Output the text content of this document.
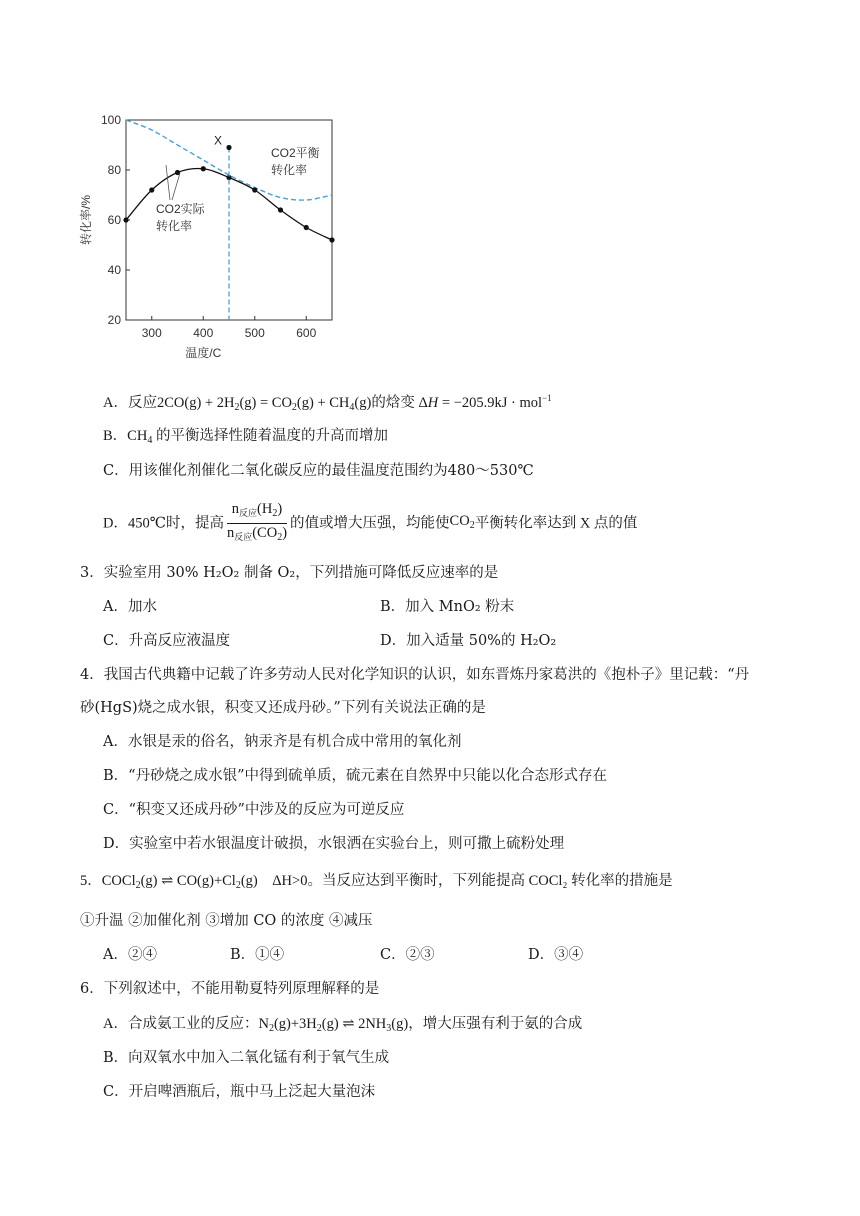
20
40
60
80
100
300	400	500	600
温度/C
转化率/%
X
CO2实际
转化率
CO2平衡
转化率
A．反应$2CO(g) + 2H_2(g) = CO_2(g) + CH_4(g)$的焓变 ΔH = −205.9kJ · mol$^{-1}$
B．$CH_4$ 的平衡选择性随着温度的升高而增加
C．用该催化剂催化二氧化碳反应的最佳温度范围约为480～530℃
D．450℃时，提高 $\frac{n_{反应}(H_2)}{n_{反应}(CO_2)}$ 的值或增大压强，均能使$CO_2$平衡转化率达到 X 点的值
3．实验室用 30% H₂O₂ 制备 O₂，下列措施可降低反应速率的是
A．加水	B．加入 MnO₂ 粉末
C．升高反应液温度	D．加入适量 50%的 H₂O₂
4．我国古代典籍中记载了许多劳动人民对化学知识的认识，如东晋炼丹家葛洪的《抱朴子》里记载：“丹
砂(HgS)烧之成水银，积变又还成丹砂。”下列有关说法正确的是
A．水银是汞的俗名，钠汞齐是有机合成中常用的氧化剂
B．“丹砂烧之成水银”中得到硫单质，硫元素在自然界中只能以化合态形式存在
C．“积变又还成丹砂”中涉及的反应为可逆反应
D．实验室中若水银温度计破损，水银洒在实验台上，则可撒上硫粉处理
5．COCl$_2$(g) ⇌ $CO(g)+Cl_2(g)$    ΔH>0。当反应达到平衡时，下列能提高 COCl₂ 转化率的措施是
①升温 ②加催化剂 ③增加 CO 的浓度 ④减压
A．②④	B．①④	C．②③	D．③④
6．下列叙述中，不能用勒夏特列原理解释的是
A．合成氨工业的反应：$N_2(g)+3H_2(g)$ ⇌ $2NH_3(g)$，增大压强有利于氨的合成
B．向双氧水中加入二氧化锰有利于氧气生成
C．开启啤酒瓶后，瓶中马上泛起大量泡沫
